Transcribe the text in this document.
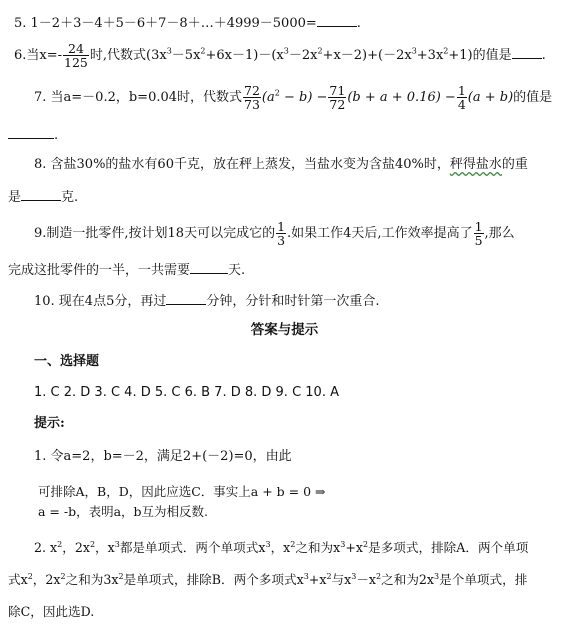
5. 1－2＋3－4＋5－6＋7－8＋…＋4999－5000=	.
6.当$x=- \frac{24}{125}$ 时,代数式$(3x^3-5x^2+6x-1)-(x^3-2x^2+x-2)+(-2x^3+3x^2+1)$的值是 .
7. 当a=－0.2，b=0.04时，代数式 $\frac{72}{73} (a^2 - b) - \frac{71}{72} (b + a + 0.16) - \frac{1}{4} (a + b)$的值是
.
8. 含盐30%的盐水有60千克，放在秤上蒸发，当盐水变为含盐40%时，秤得盐水的重
是	克.
9.制造一批零件,按计划18天可以完成它的 $\frac{1}{3}$ .如果工作4天后,工作效率提高了 $\frac{1}{5}$ ,那么
完成这批零件的一半，一共需要	天.
10. 现在4点5分，再过	分钟，分针和时针第一次重合.
答案与提示
一、选择题
1. C 2. D 3. C 4. D 5. C 6. B 7. D 8. D 9. C 10. A
提示:
1. 令a=2，b=－2，满足2+(－2)=0，由此
可排除A，B，D，因此应选C．事实上a + b = 0 ⇒
a = -b，表明a，b互为相反数.
2. $x^2$，$2x^2$，$x^3$都是单项式．两个单项式$x^3$，$x^2$之和为$x^3+x^2$是多项式，排除A．两个单项
式$x^2$，$2x^2$之和为$3x^2$是单项式，排除B．两个多项式$x^3+x^2$与$x^3-x^2$之和为$2x^3$是个单项式，排
除C，因此选D.
